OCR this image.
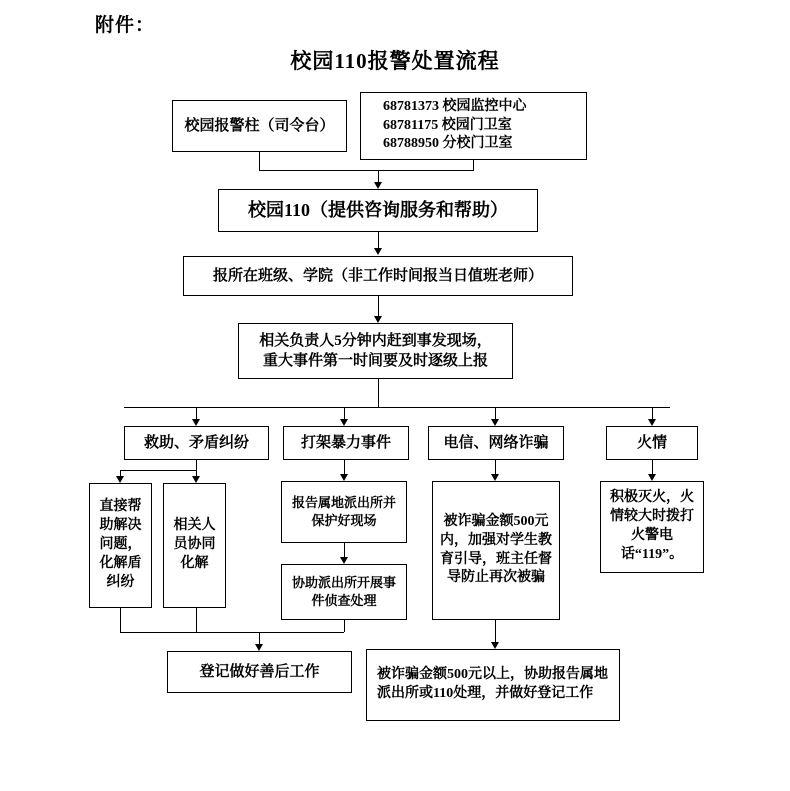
附件：
校园110报警处置流程
校园报警柱（司令台）
68781373 校园监控中心
68781175 校园门卫室
68788950 分校门卫室
校园110（提供咨询服务和帮助）
报所在班级、学院（非工作时间报当日值班老师）
相关负责人5分钟内赶到事发现场，
重大事件第一时间要及时逐级上报
救助、矛盾纠纷	打架暴力事件	电信、网络诈骗	火情
直接帮助解决问题，化解盾纠纷
相关人员协同化解
报告属地派出所并保护好现场
协助派出所开展事件侦查处理
被诈骗金额500元内，加强对学生教育引导，班主任督导防止再次被骗
积极灭火，火情较大时拨打火警电话“119”。
登记做好善后工作	被诈骗金额500元以上，协助报告属地派出所或110处理，并做好登记工作
